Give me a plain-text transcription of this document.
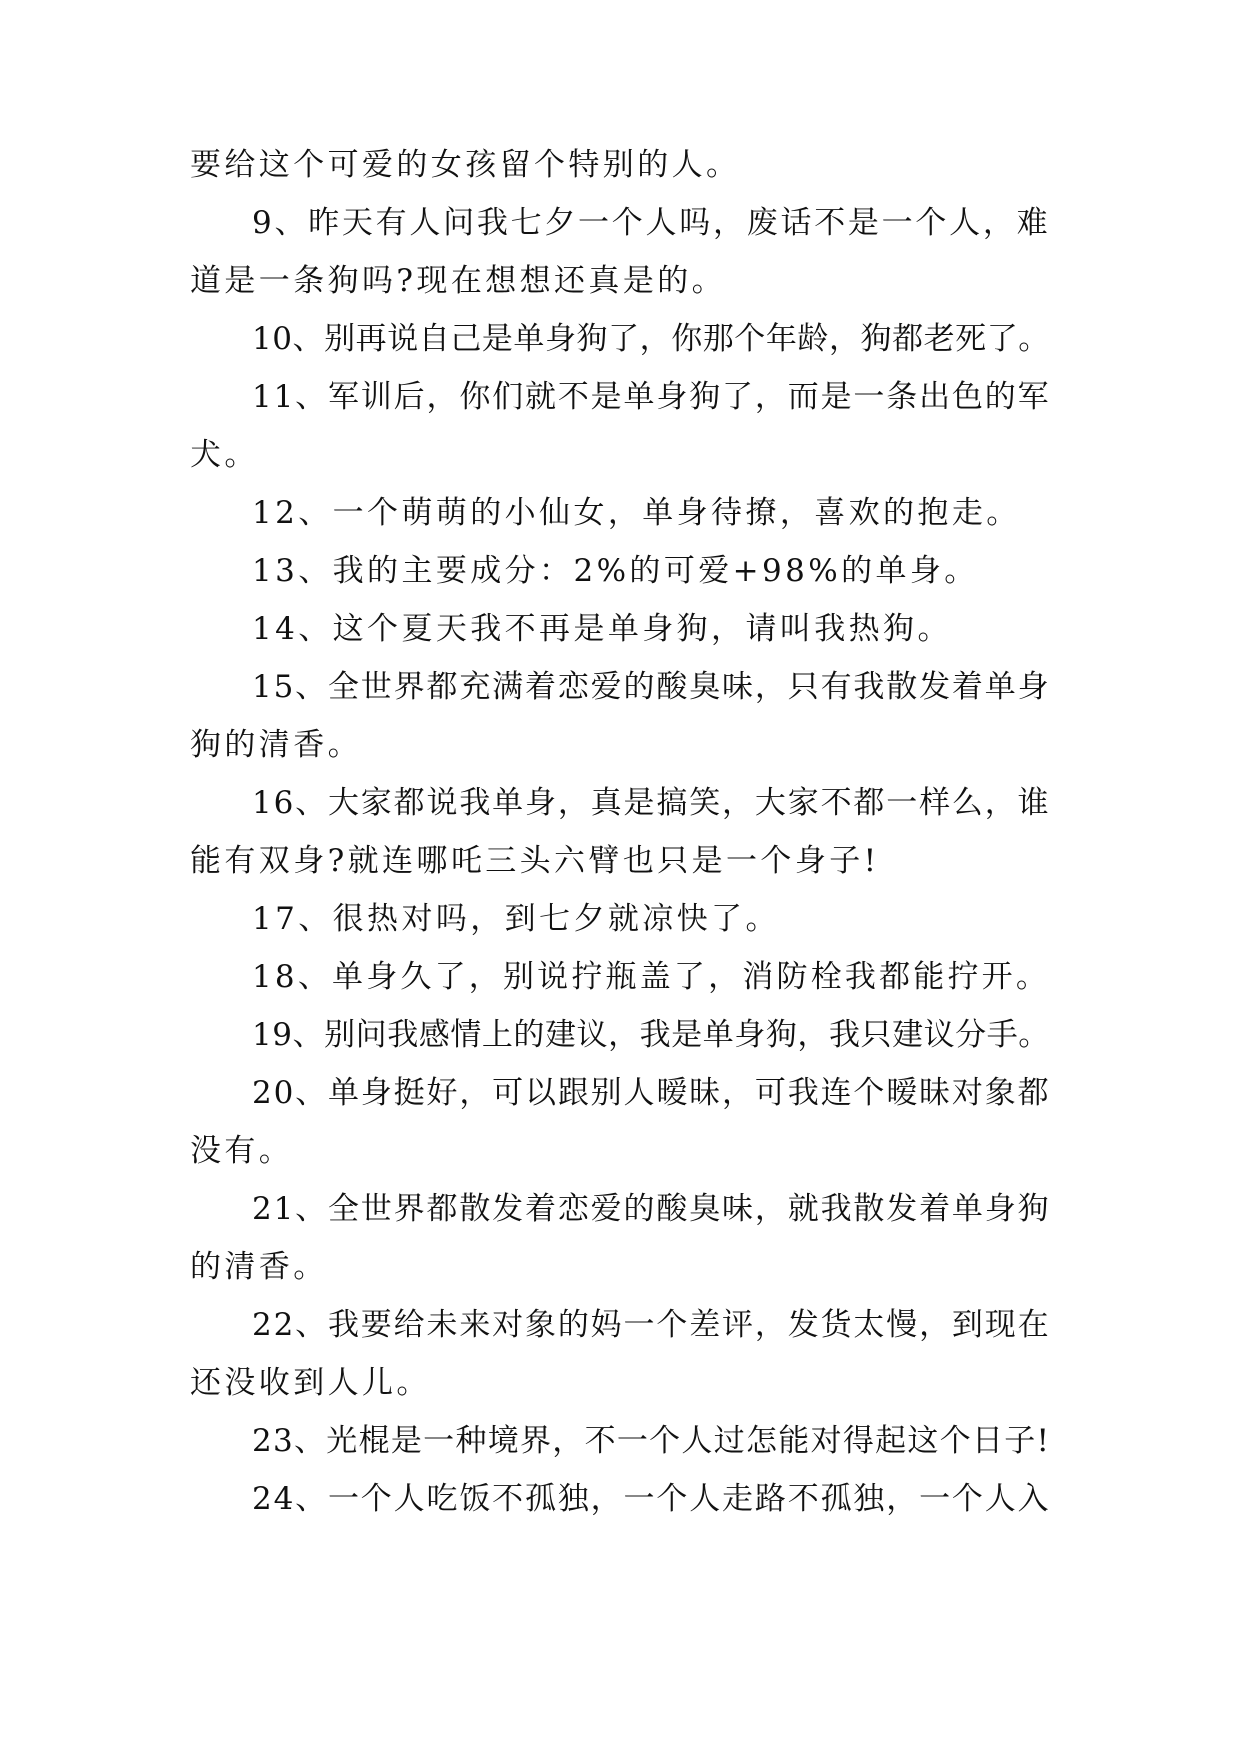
要给这个可爱的女孩留个特别的人。
9、昨天有人问我七夕一个人吗，废话不是一个人，难
道是一条狗吗?现在想想还真是的。
10、别再说自己是单身狗了，你那个年龄，狗都老死了。
11、军训后，你们就不是单身狗了，而是一条出色的军
犬。
12、一个萌萌的小仙女，单身待撩，喜欢的抱走。
13、我的主要成分：2%的可爱+98%的单身。
14、这个夏天我不再是单身狗，请叫我热狗。
15、全世界都充满着恋爱的酸臭味，只有我散发着单身
狗的清香。
16、大家都说我单身，真是搞笑，大家不都一样么，谁
能有双身?就连哪吒三头六臂也只是一个身子!
17、很热对吗，到七夕就凉快了。
18、单身久了，别说拧瓶盖了，消防栓我都能拧开。
19、别问我感情上的建议，我是单身狗，我只建议分手。
20、单身挺好，可以跟别人暧昧，可我连个暧昧对象都
没有。
21、全世界都散发着恋爱的酸臭味，就我散发着单身狗
的清香。
22、我要给未来对象的妈一个差评，发货太慢，到现在
还没收到人儿。
23、光棍是一种境界，不一个人过怎能对得起这个日子!
24、一个人吃饭不孤独，一个人走路不孤独，一个人入
